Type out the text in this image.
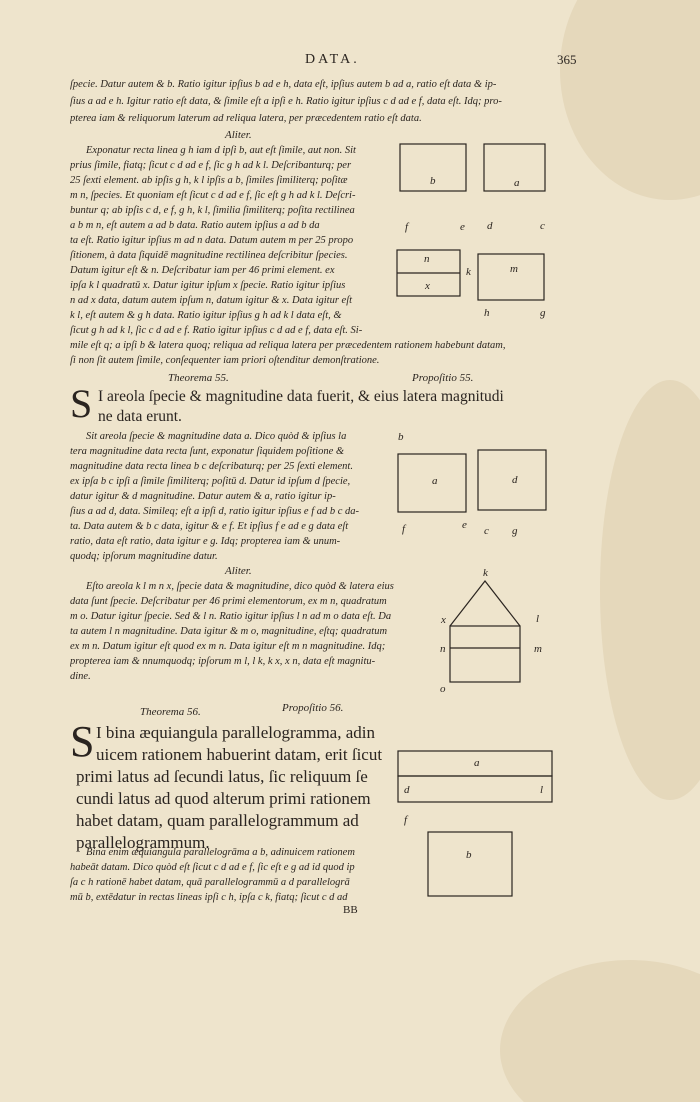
DATA.	365
ſpecie. Datur autem & b. Ratio igitur ipſius b ad e h, data eſt, ipſius autem b ad a, ratio eſt data & ip-
ſius a ad e h. Igitur ratio eſt data, & ſimile eſt a ipſi e h. Ratio igitur ipſius c d ad e f, data eſt. Idq; pro-
pterea iam & reliquorum laterum ad reliqua latera, per præcedentem ratio eſt data.
Aliter.
Exponatur recta linea g h iam d ipſi b, aut eſt ſimile, aut non. Sit
prius ſimile, fiatq; ſicut c d ad e f, ſic g h ad k l. Deſcribanturq; per
25 ſexti element. ab ipſis g h, k l ipſis a b, ſimiles ſimiliterq; poſitæ
m n, ſpecies. Et quoniam eſt ſicut c d ad e f, ſic eſt g h ad k l. Deſcri-
buntur q; ab ipſis c d, e f, g h, k l, ſimilia ſimiliterq; poſita rectilinea
a b m n, eſt autem a ad b data. Ratio autem ipſius a ad b da
ta eſt. Ratio igitur ipſius m ad n data. Datum autem m per 25 propo
ſitionem, à data ſiquidē magnitudine rectilinea deſcribitur ſpecies.
Datum igitur eſt & n. Deſcribatur iam per 46 primi element. ex
ipſa k l quadratū x. Datur igitur ipſum x ſpecie. Ratio igitur ipſius
n ad x data, datum autem ipſum n, datum igitur & x. Data igitur eſt
k l, eſt autem & g h data. Ratio igitur ipſius g h ad k l data eſt, &
ſicut g h ad k l, ſic c d ad e f. Ratio igitur ipſius c d ad e f, data eſt. Si-
mile eſt q; a ipſi b & latera quoq; reliqua ad reliqua latera per præcedentem rationem habebunt datam,
ſi non ſit autem ſimile, conſequenter iam priori oſtenditur demonſtratione.
Theorema 55.	Propoſitio 55.
S I areola ſpecie & magnitudine data fuerit, & eius latera magnitudi
ne data erunt.
Sit areola ſpecie & magnitudine data a. Dico quòd & ipſius la
tera magnitudine data recta ſunt, exponatur ſiquidem poſitione &
magnitudine data recta linea b c deſcribaturq; per 25 ſexti element.
ex ipſa b c ipſi a ſimile ſimiliterq; poſitū d. Datur id ipſum d ſpecie,
datur igitur & d magnitudine. Datur autem & a, ratio igitur ip-
ſius a ad d, data. Simileq; eſt a ipſi d, ratio igitur ipſius e f ad b c da-
ta. Data autem & b c data, igitur & e f. Et ipſius f e ad e g data eſt
ratio, data eſt ratio, data igitur e g. Idq; propterea iam & unum-
quodq; ipſorum magnitudine datur.
Aliter.
Eſto areola k l m n x, ſpecie data & magnitudine, dico quòd & latera eius
data ſunt ſpecie. Deſcribatur per 46 primi elementorum, ex m n, quadratum
m o. Datur igitur ſpecie. Sed & l n. Ratio igitur ipſius l n ad m o data eſt. Da
ta autem l n magnitudine. Data igitur & m o, magnitudine, eſtq; quadratum
ex m n. Datum igitur eſt quod ex m n. Data igitur eſt m n magnitudine. Idq;
propterea iam & nnumquodq; ipſorum m l, l k, k x, x n, data eſt magnitu-
dine.
Theorema 56.	Propoſitio 56.
S I bina æquiangula parallelogramma, adin
uicem rationem habuerint datam, erit ſicut
primi latus ad ſecundi latus, ſic reliquum ſe
cundi latus ad quod alterum primi rationem
habet datam, quam parallelogrammum ad
parallelogrammum.
Bina enim æquiangula parallelogrāma a b, adinuicem rationem
habeāt datam. Dico quòd eſt ſicut c d ad e f, ſic eſt e g ad id quod ip
ſa c h rationē habet datam, quā parallelogrammū a d parallelogrā
mū b, extēdatur in rectas lineas ipſi c h, ipſa c k, fiatq; ſicut c d ad
BB
b	a
f	e d	c
n
x
k	m
h	g
b
a	d
f	e c g
k
x	l
m
n
o
a
d	l
f
b
